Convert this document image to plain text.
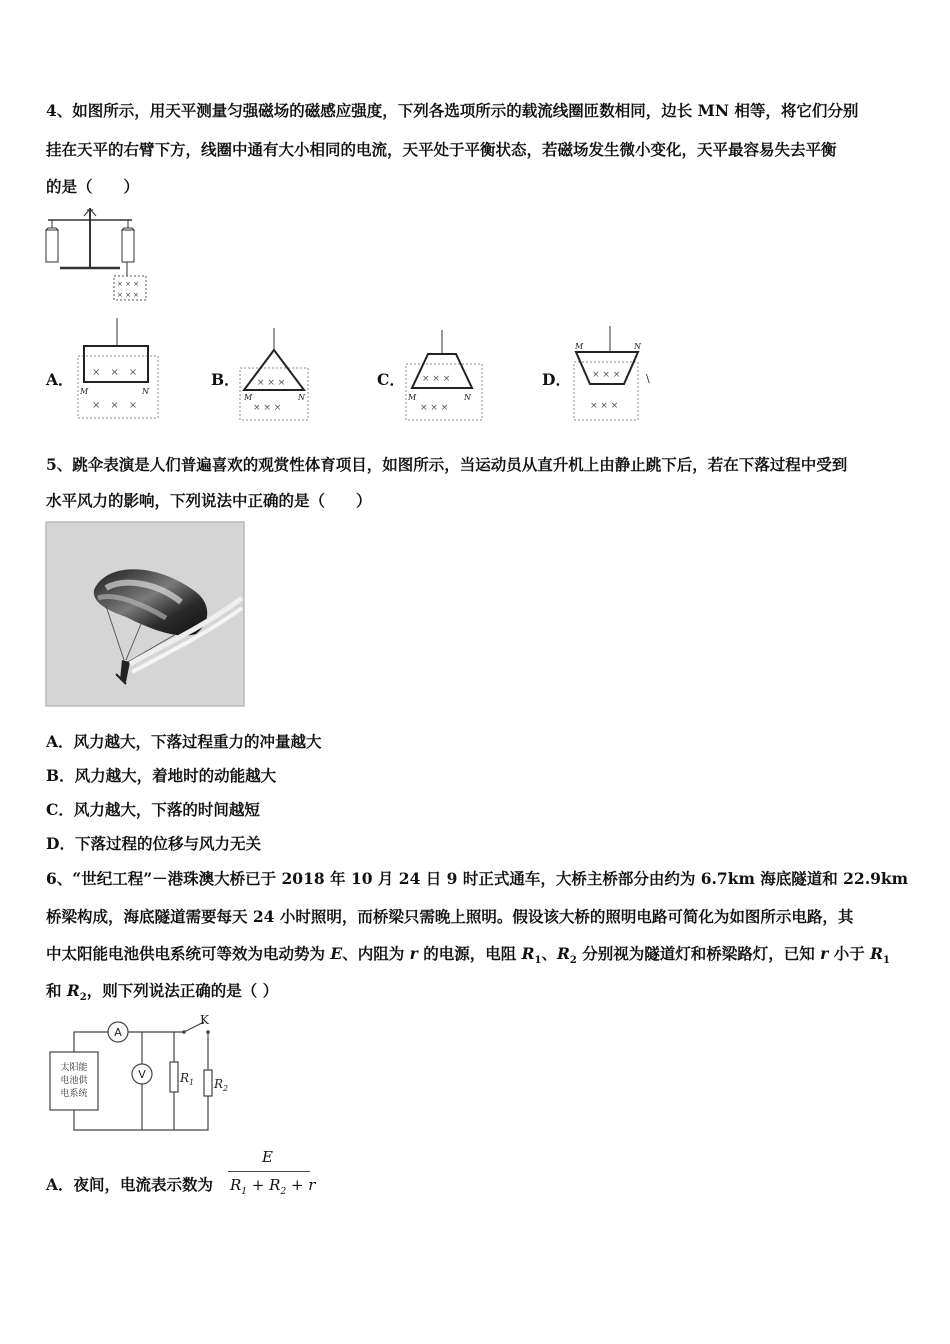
4、如图所示，用天平测量匀强磁场的磁感应强度，下列各选项所示的载流线圈匝数相同，边长 MN 相等，将它们分别
挂在天平的右臂下方，线圈中通有大小相同的电流，天平处于平衡状态，若磁场发生微小变化，天平最容易失去平衡
的是（　　）
× × ×
× × ×
A． ×　×　×
×　×　×
M	N
B． × × ×
× × ×
M	N
C． × × ×
× × ×
M	N
D． × × ×
× × ×
M	N
\
5、跳伞表演是人们普遍喜欢的观赏性体育项目，如图所示，当运动员从直升机上由静止跳下后，若在下落过程中受到
水平风力的影响，下列说法中正确的是（　　）
A．风力越大，下落过程重力的冲量越大
B．风力越大，着地时的动能越大
C．风力越大，下落的时间越短
D．下落过程的位移与风力无关
6、“世纪工程”－港珠澳大桥已于 2018 年 10 月 24 日 9 时正式通车，大桥主桥部分由约为 6.7km 海底隧道和 22.9km
桥梁构成，海底隧道需要每天 24 小时照明，而桥梁只需晚上照明。假设该大桥的照明电路可简化为如图所示电路，其
中太阳能电池供电系统可等效为电动势为 E、内阻为 r 的电源，电阻 $R_1$、$R_2$ 分别视为隧道灯和桥梁路灯，已知 r 小于 $R_1$
和 $R_2$，则下列说法正确的是（ ）
太阳能
电池供
电系统
A
K
V	$R_1$ $R_2$
A．夜间，电流表示数为
E
$R_1 + R_2 + r$
